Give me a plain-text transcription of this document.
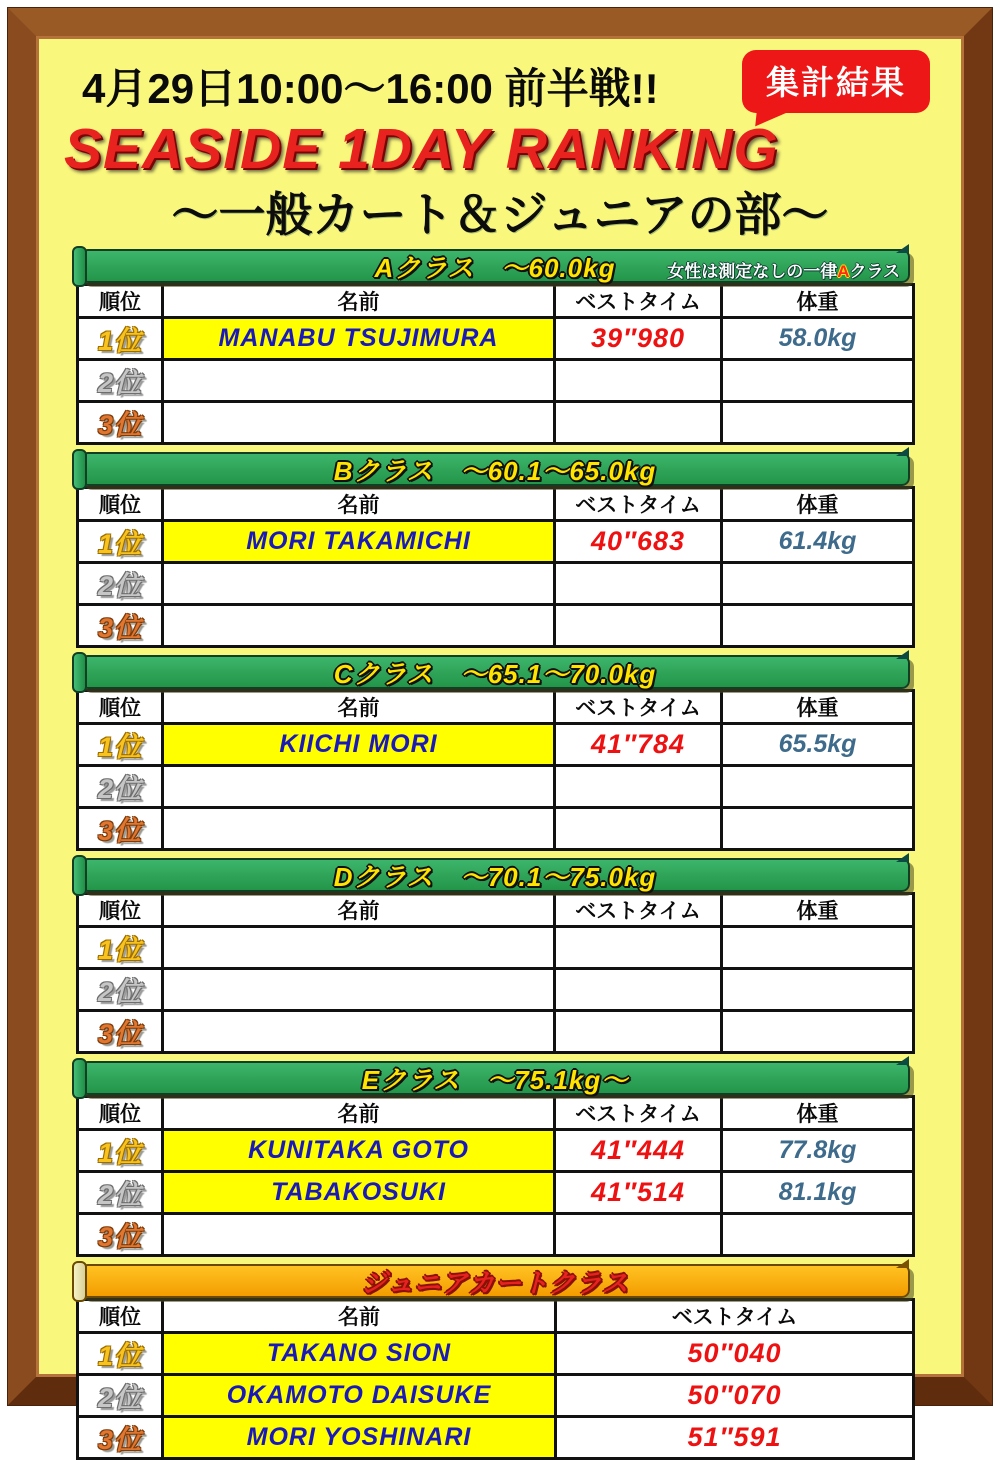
4月29日10:00～16:00 前半戦!!	集計結果
SEASIDE 1DAY RANKING
～一般カート＆ジュニアの部～
Aクラス　～60.0kg	女性は測定なしの一律Aクラス
順位	名前	ベストタイム	体重
1位	MANABU TSUJIMURA	39″980	58.0kg
2位	

3位	

Bクラス　～60.1～65.0kg
順位	名前	ベストタイム	体重
1位	MORI TAKAMICHI	40″683	61.4kg
2位	

3位	

Cクラス　～65.1～70.0kg
順位	名前	ベストタイム	体重
1位	KIICHI MORI	41″784	65.5kg
2位	

3位	

Dクラス　～70.1～75.0kg
順位	名前	ベストタイム	体重
1位	

2位	

3位	

Eクラス　～75.1kg～
順位	名前	ベストタイム	体重
1位	KUNITAKA GOTO	41″444	77.8kg
2位	TABAKOSUKI	41″514	81.1kg
3位	

ジュニアカートクラス
順位	名前	ベストタイム
1位	TAKANO SION	50″040
2位	OKAMOTO DAISUKE	50″070
3位	MORI YOSHINARI	51″591
